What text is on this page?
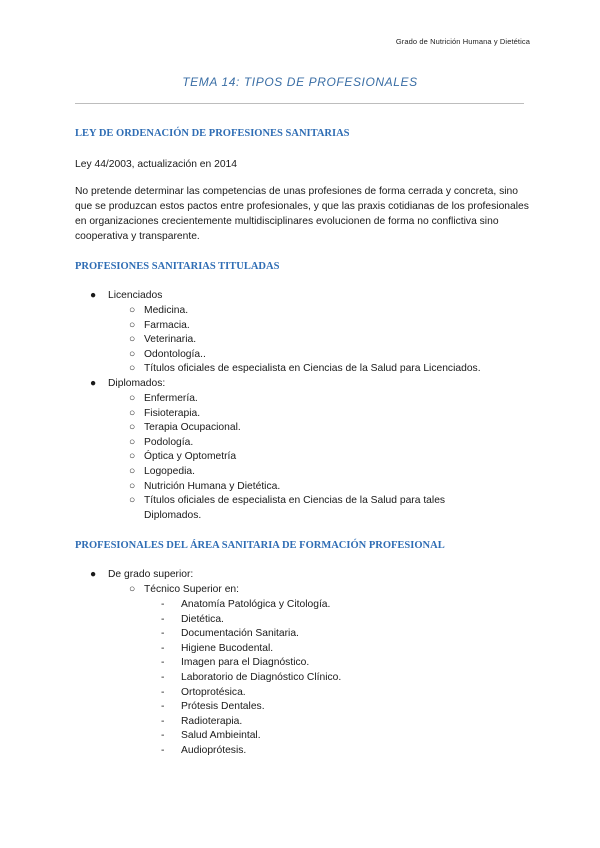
Grado de Nutrición Humana y Dietética
TEMA 14: TIPOS DE PROFESIONALES
LEY DE ORDENACIÓN DE PROFESIONES SANITARIAS
Ley 44/2003, actualización en 2014
No pretende determinar las competencias de unas profesiones de forma cerrada y concreta, sino que se produzcan estos pactos entre profesionales, y que las praxis cotidianas de los profesionales en organizaciones crecientemente multidisciplinares evolucionen de forma no conflictiva sino cooperativa y transparente.
PROFESIONES SANITARIAS TITULADAS
● Licenciados
○ Medicina.
○ Farmacia.
○ Veterinaria.
○ Odontología..
○ Títulos oficiales de especialista en Ciencias de la Salud para Licenciados.
● Diplomados:
○ Enfermería.
○ Fisioterapia.
○ Terapia Ocupacional.
○ Podología.
○ Óptica y Optometría
○ Logopedia.
○ Nutrición Humana y Dietética.
○ Títulos oficiales de especialista en Ciencias de la Salud para tales Diplomados.
PROFESIONALES DEL ÁREA SANITARIA DE FORMACIÓN PROFESIONAL
● De grado superior:
○ Técnico Superior en:
- Anatomía Patológica y Citología.
- Dietética.
- Documentación Sanitaria.
- Higiene Bucodental.
- Imagen para el Diagnóstico.
- Laboratorio de Diagnóstico Clínico.
- Ortoprotésica.
- Prótesis Dentales.
- Radioterapia.
- Salud Ambieintal.
- Audioprótesis.
